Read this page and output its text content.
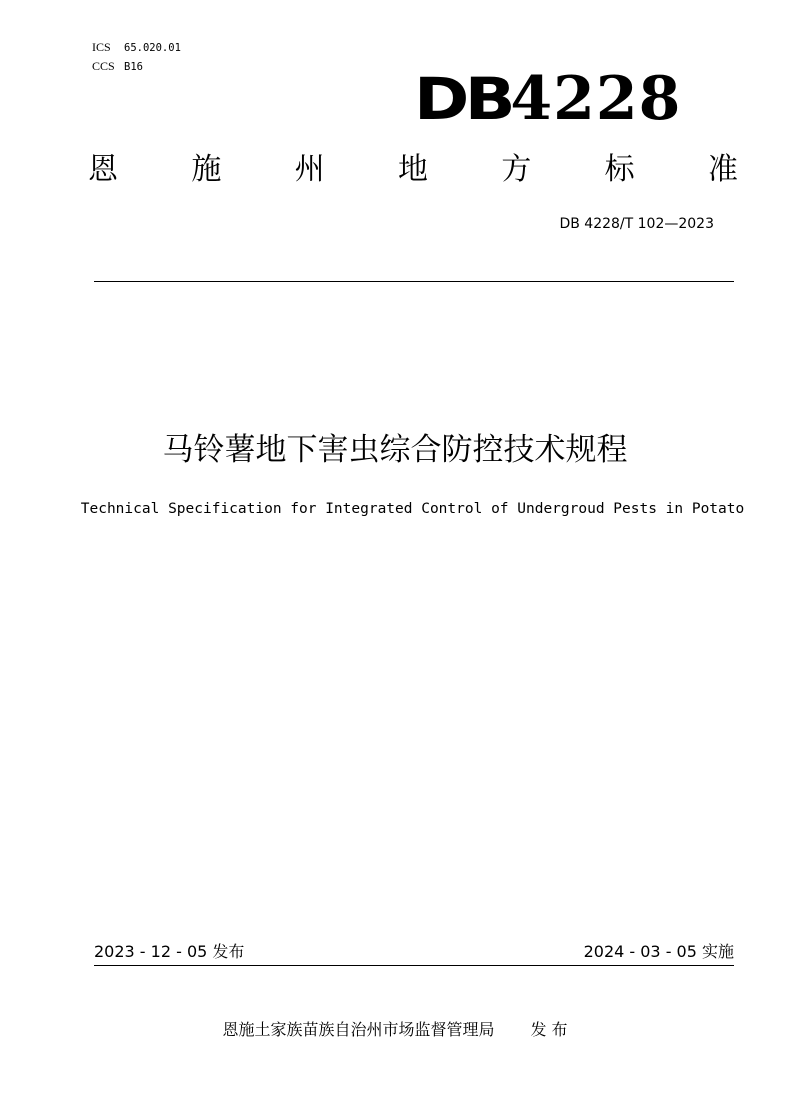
ICS 65.020.01
CCS B16	DB4228
恩 施 州 地 方 标 准
DB 4228/T 102—2023
马铃薯地下害虫综合防控技术规程
Technical Specification for Integrated Control of Undergroud Pests in Potato
2023 - 12 - 05 发布	2024 - 03 - 05 实施
恩施土家族苗族自治州市场监督管理局 发 布
